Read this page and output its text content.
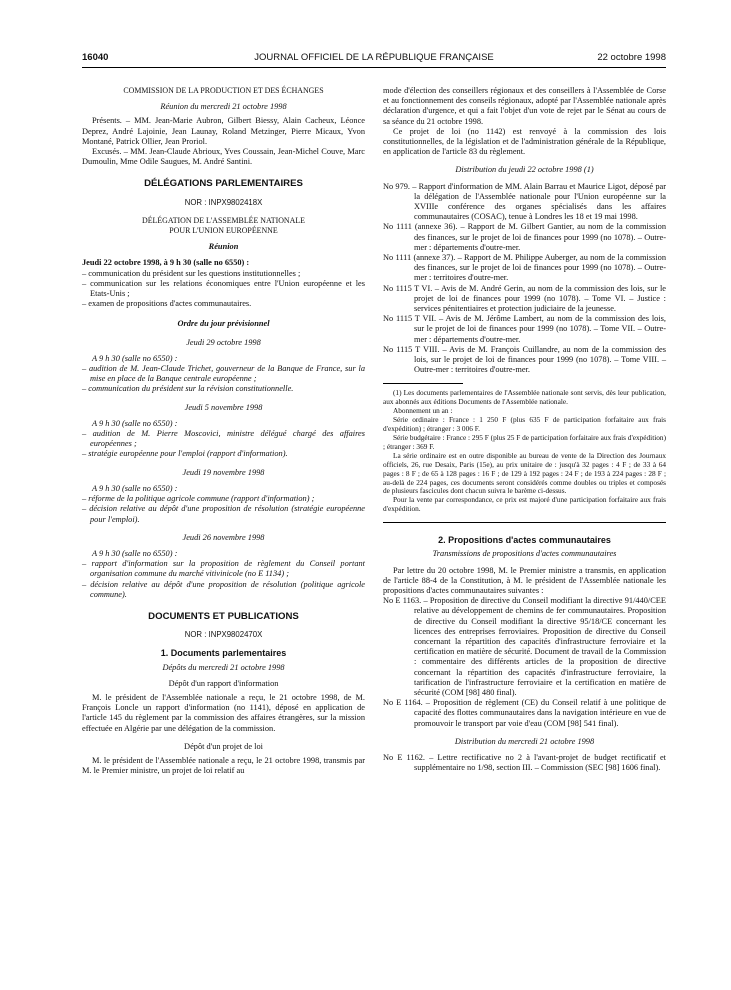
16040	JOURNAL OFFICIEL DE LA RÉPUBLIQUE FRANÇAISE	22 octobre 1998

COMMISSION DE LA PRODUCTION ET DES ÉCHANGES

Réunion du mercredi 21 octobre 1998

Présents. – MM. Jean-Marie Aubron, Gilbert Biessy, Alain Cacheux, Léonce Deprez, André Lajoinie, Jean Launay, Roland Metzinger, Pierre Micaux, Yvon Montané, Patrick Ollier, Jean Proriol.

Excusés. – MM. Jean-Claude Abrioux, Yves Coussain, Jean-Michel Couve, Marc Dumoulin, Mme Odile Saugues, M. André Santini.

DÉLÉGATIONS PARLEMENTAIRES

NOR : INPX9802418X

DÉLÉGATION DE L'ASSEMBLÉE NATIONALE

POUR L'UNION EUROPÉENNE

Réunion

Jeudi 22 octobre 1998, à 9 h 30 (salle no 6550) :

– communication du président sur les questions institutionnelles ;

– communication sur les relations économiques entre l'Union européenne et les Etats-Unis ;

– examen de propositions d'actes communautaires.

Ordre du jour prévisionnel

Jeudi 29 octobre 1998

A 9 h 30 (salle no 6550) :

– audition de M. Jean-Claude Trichet, gouverneur de la Banque de France, sur la mise en place de la Banque centrale européenne ;

– communication du président sur la révision constitutionnelle.

Jeudi 5 novembre 1998

A 9 h 30 (salle no 6550) :

– audition de M. Pierre Moscovici, ministre délégué chargé des affaires européennes ;

– stratégie européenne pour l'emploi (rapport d'information).

Jeudi 19 novembre 1998

A 9 h 30 (salle no 6550) :

– réforme de la politique agricole commune (rapport d'information) ;

– décision relative au dépôt d'une proposition de résolution (stratégie européenne pour l'emploi).

Jeudi 26 novembre 1998

A 9 h 30 (salle no 6550) :

– rapport d'information sur la proposition de règlement du Conseil portant organisation commune du marché vitivinicole (no E 1134) ;

– décision relative au dépôt d'une proposition de résolution (politique agricole commune).

DOCUMENTS ET PUBLICATIONS

NOR : INPX9802470X

1. Documents parlementaires

Dépôts du mercredi 21 octobre 1998

Dépôt d'un rapport d'information

M. le président de l'Assemblée nationale a reçu, le 21 octobre 1998, de M. François Loncle un rapport d'information (no 1141), déposé en application de l'article 145 du règlement par la commission des affaires étrangères, sur la mission effectuée en Algérie par une délégation de la commission.

Dépôt d'un projet de loi

M. le président de l'Assemblée nationale a reçu, le 21 octobre 1998, transmis par M. le Premier ministre, un projet de loi relatif au

mode d'élection des conseillers régionaux et des conseillers à l'Assemblée de Corse et au fonctionnement des conseils régionaux, adopté par l'Assemblée nationale après déclaration d'urgence, et qui a fait l'objet d'un vote de rejet par le Sénat au cours de sa séance du 21 octobre 1998.

Ce projet de loi (no 1142) est renvoyé à la commission des lois constitutionnelles, de la législation et de l'administration générale de la République, en application de l'article 83 du règlement.

Distribution du jeudi 22 octobre 1998 (1)

No 979. – Rapport d'information de MM. Alain Barrau et Maurice Ligot, déposé par la délégation de l'Assemblée nationale pour l'Union européenne sur la XVIIIe conférence des organes spécialisés dans les affaires communautaires (COSAC), tenue à Londres les 18 et 19 mai 1998.

No 1111 (annexe 36). – Rapport de M. Gilbert Gantier, au nom de la commission des finances, sur le projet de loi de finances pour 1999 (no 1078). – Outre-mer : départements d'outre-mer.

No 1111 (annexe 37). – Rapport de M. Philippe Auberger, au nom de la commission des finances, sur le projet de loi de finances pour 1999 (no 1078). – Outre-mer : territoires d'outre-mer.

No 1115 T VI. – Avis de M. André Gerin, au nom de la commission des lois, sur le projet de loi de finances pour 1999 (no 1078). – Tome VI. – Justice : services pénitentiaires et protection judiciaire de la jeunesse.

No 1115 T VII. – Avis de M. Jérôme Lambert, au nom de la commission des lois, sur le projet de loi de finances pour 1999 (no 1078). – Tome VII. – Outre-mer : départements d'outre-mer.

No 1115 T VIII. – Avis de M. François Cuillandre, au nom de la commission des lois, sur le projet de loi de finances pour 1999 (no 1078). – Tome VIII. – Outre-mer : territoires d'outre-mer.

(1) Les documents parlementaires de l'Assemblée nationale sont servis, dès leur publication, aux abonnés aux éditions Documents de l'Assemblée nationale.

Abonnement un an :

Série ordinaire : France : 1 250 F (plus 635 F de participation forfaitaire aux frais d'expédition) ; étranger : 3 006 F.

Série budgétaire : France : 295 F (plus 25 F de participation forfaitaire aux frais d'expédition) ; étranger : 369 F.

La série ordinaire est en outre disponible au bureau de vente de la Direction des Journaux officiels, 26, rue Desaix, Paris (15e), au prix unitaire de : jusqu'à 32 pages : 4 F ; de 33 à 64 pages : 8 F ; de 65 à 128 pages : 16 F ; de 129 à 192 pages : 24 F ; de 193 à 224 pages : 28 F ; au-delà de 224 pages, ces documents seront considérés comme doubles ou triples et composés de plusieurs fascicules dont chacun suivra le barème ci-dessus.

Pour la vente par correspondance, ce prix est majoré d'une participation forfaitaire aux frais d'expédition.

2. Propositions d'actes communautaires

Transmissions de propositions d'actes communautaires

Par lettre du 20 octobre 1998, M. le Premier ministre a transmis, en application de l'article 88-4 de la Constitution, à M. le président de l'Assemblée nationale les propositions d'actes communautaires suivantes :

No E 1163. – Proposition de directive du Conseil modifiant la directive 91/440/CEE relative au développement de chemins de fer communautaires. Proposition de directive du Conseil modifiant la directive 95/18/CE concernant les licences des entreprises ferroviaires. Proposition de directive du Conseil concernant la répartition des capacités d'infrastructure ferroviaire et la certification en matière de sécurité. Document de travail de la Commission : commentaire des différents articles de la proposition de directive concernant la répartition des capacités d'infrastructure ferroviaire, la tarification de l'infrastructure ferroviaire et la certification en matière de sécurité (COM [98] 480 final).

No E 1164. – Proposition de règlement (CE) du Conseil relatif à une politique de capacité des flottes communautaires dans la navigation intérieure en vue de promouvoir le transport par voie d'eau (COM [98] 541 final).

Distribution du mercredi 21 octobre 1998

No E 1162. – Lettre rectificative no 2 à l'avant-projet de budget rectificatif et supplémentaire no 1/98, section III. – Commission (SEC [98] 1606 final).
